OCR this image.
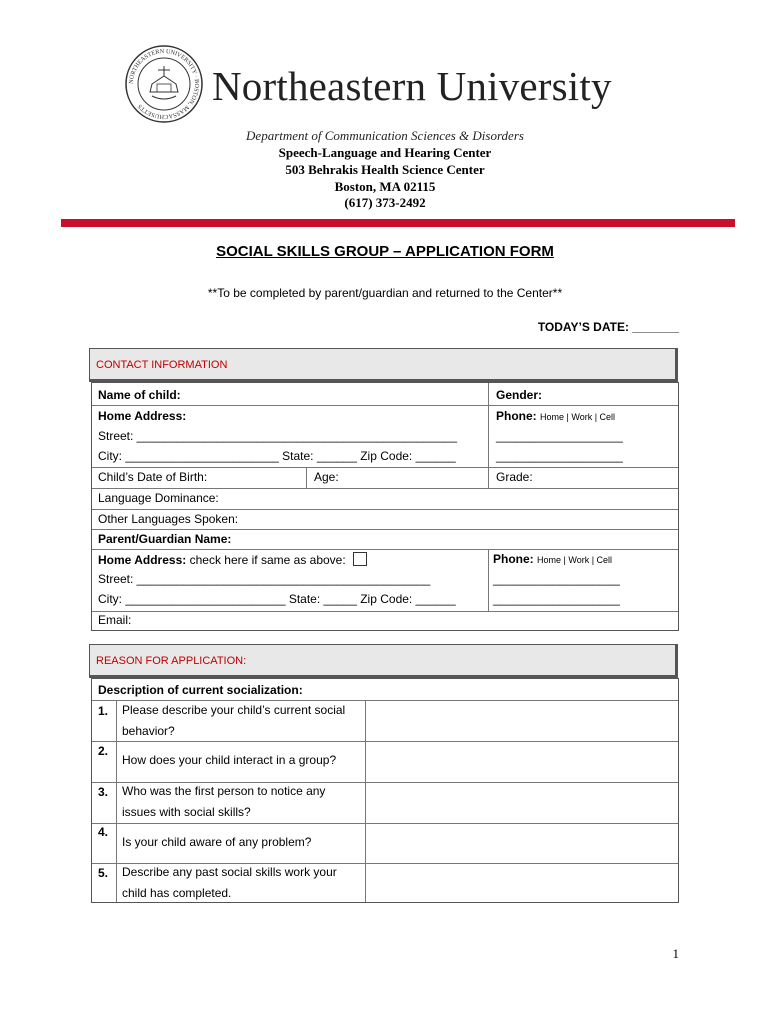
NORTHEASTERN UNIVERSITY · BOSTON, MASSACHUSETTS	Northeastern University
Department of Communication Sciences & Disorders
Speech-Language and Hearing Center
503 Behrakis Health Science Center
Boston, MA 02115
(617) 373-2492
SOCIAL SKILLS GROUP – APPLICATION FORM
**To be completed by parent/guardian and returned to the Center**
TODAY’S DATE: _______
CONTACT INFORMATION
Name of child:	Gender:
Home Address:	Phone: Home | Work | Cell
Street: ________________________________________________	___________________
City: _______________________ State: ______ Zip Code: ______	___________________
Child’s Date of Birth:	Age:	Grade:
Language Dominance:
Other Languages Spoken:
Parent/Guardian Name:
Home Address: check here if same as above:	Phone: Home | Work | Cell
Street: ____________________________________________	___________________
City: ________________________ State: _____ Zip Code: ______	___________________
Email:
REASON FOR APPLICATION:
Description of current socialization:
1. Please describe your child’s current social behavior?
2.
How does your child interact in a group?
3. Who was the first person to notice any issues with social skills?
4.
Is your child aware of any problem?
5. Describe any past social skills work your child has completed.
1
